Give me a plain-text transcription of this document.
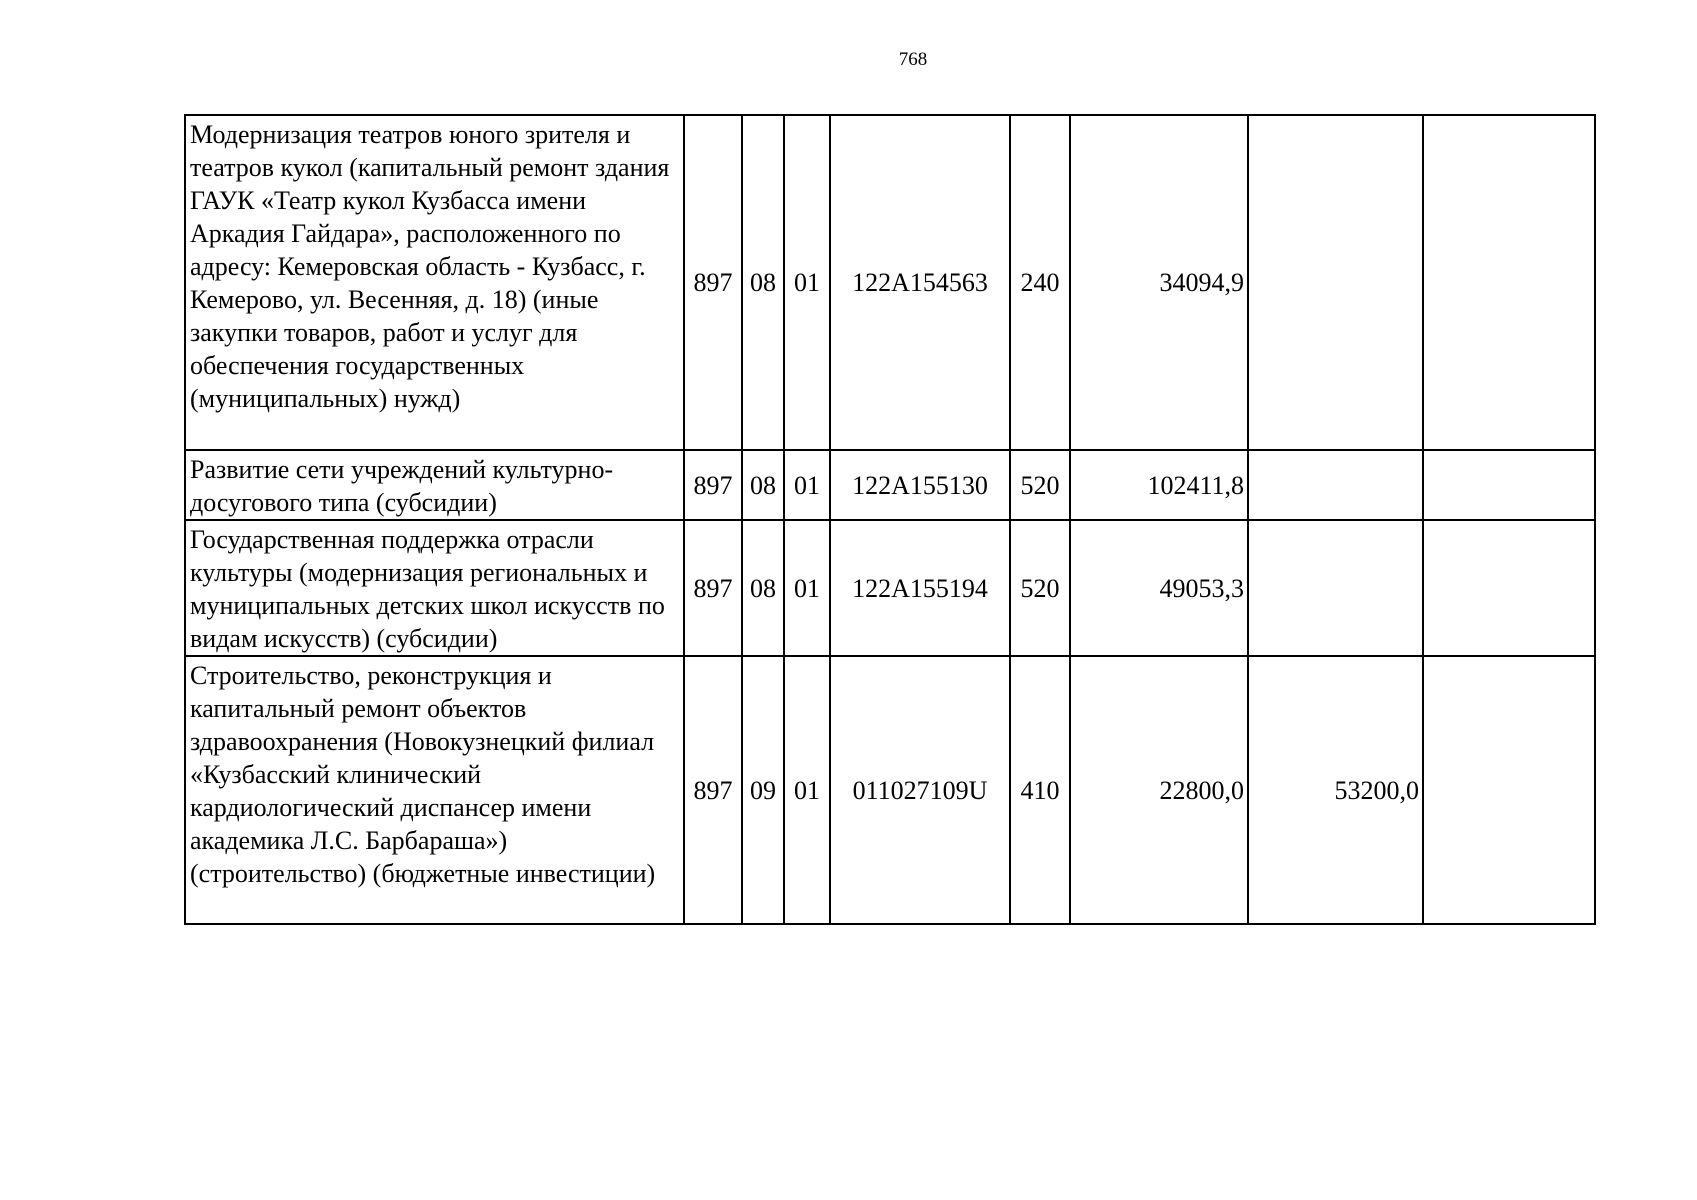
768
Модернизация театров юного зрителя и театров кукол (капитальный ремонт здания ГАУК «Театр кукол Кузбасса имени Аркадия Гайдара», расположенного по адресу: Кемеровская область - Кузбасс, г. Кемерово, ул. Весенняя, д. 18) (иные закупки товаров, работ и услуг для обеспечения государственных (муниципальных) нужд)	897	08	01	122А154563	240	34094,9		
Развитие сети учреждений культурно-досугового типа (субсидии)	897	08	01	122А155130	520	102411,8		
Государственная поддержка отрасли культуры (модернизация региональных и муниципальных детских школ искусств по видам искусств) (субсидии)	897	08	01	122А155194	520	49053,3		
Строительство, реконструкция и капитальный ремонт объектов здравоохранения (Новокузнецкий филиал «Кузбасский клинический кардиологический диспансер имени академика Л.С. Барбараша») (строительство) (бюджетные инвестиции)	897	09	01	011027109U	410	22800,0	53200,0	
